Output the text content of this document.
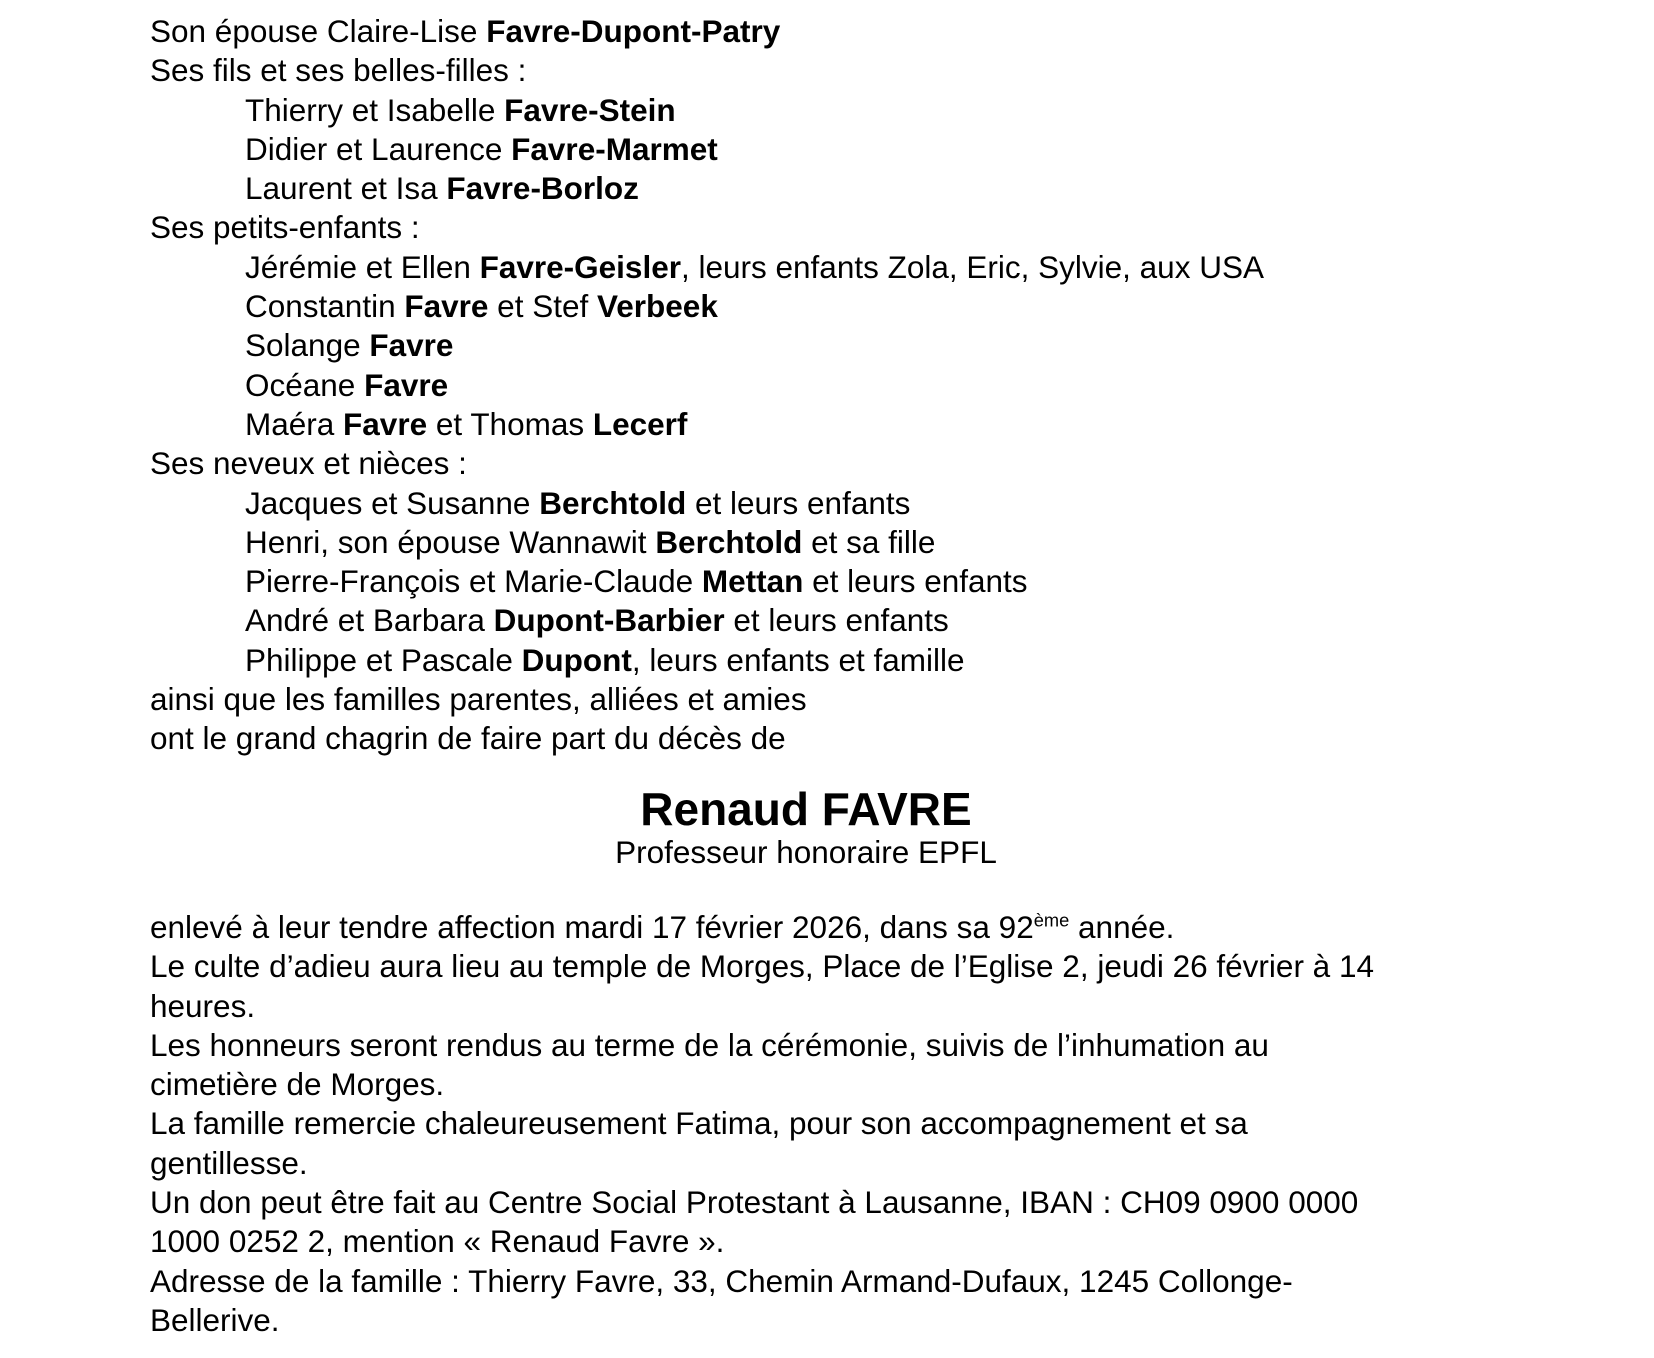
Son épouse Claire-Lise Favre-Dupont-Patry
Ses fils et ses belles-filles :
Thierry et Isabelle Favre-Stein
Didier et Laurence Favre-Marmet
Laurent et Isa Favre-Borloz
Ses petits-enfants :
Jérémie et Ellen Favre-Geisler, leurs enfants Zola, Eric, Sylvie, aux USA
Constantin Favre et Stef Verbeek
Solange Favre
Océane Favre
Maéra Favre et Thomas Lecerf
Ses neveux et nièces :
Jacques et Susanne Berchtold et leurs enfants
Henri, son épouse Wannawit Berchtold et sa fille
Pierre-François et Marie-Claude Mettan et leurs enfants
André et Barbara Dupont-Barbier et leurs enfants
Philippe et Pascale Dupont, leurs enfants et famille
ainsi que les familles parentes, alliées et amies
ont le grand chagrin de faire part du décès de
Renaud FAVRE
Professeur honoraire EPFL
enlevé à leur tendre affection mardi 17 février 2026, dans sa 92ème année.
Le culte d’adieu aura lieu au temple de Morges, Place de l’Eglise 2, jeudi 26 février à 14 heures.
Les honneurs seront rendus au terme de la cérémonie, suivis de l’inhumation au cimetière de Morges.
La famille remercie chaleureusement Fatima, pour son accompagnement et sa gentillesse.
Un don peut être fait au Centre Social Protestant à Lausanne, IBAN : CH09 0900 0000 1000 0252 2, mention « Renaud Favre ».
Adresse de la famille : Thierry Favre, 33, Chemin Armand-Dufaux, 1245 Collonge-Bellerive.
